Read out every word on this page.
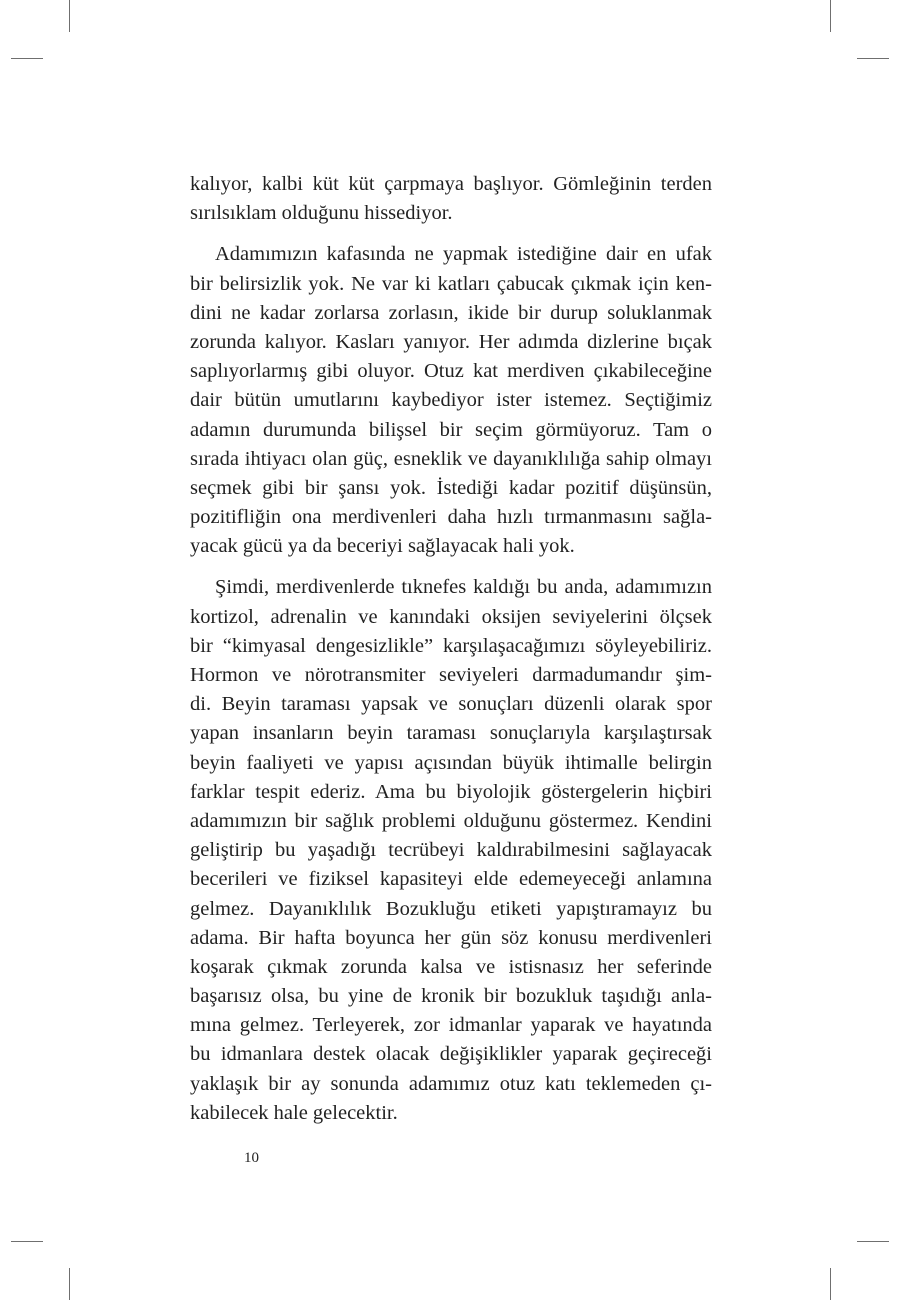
kalıyor, kalbi küt küt çarpmaya başlıyor. Gömleğinin terden
sırılsıklam olduğunu hissediyor.
Adamımızın kafasında ne yapmak istediğine dair en ufak
bir belirsizlik yok. Ne var ki katları çabucak çıkmak için ken-
dini ne kadar zorlarsa zorlasın, ikide bir durup soluklanmak
zorunda kalıyor. Kasları yanıyor. Her adımda dizlerine bıçak
saplıyorlarmış gibi oluyor. Otuz kat merdiven çıkabileceğine
dair bütün umutlarını kaybediyor ister istemez. Seçtiğimiz
adamın durumunda bilişsel bir seçim görmüyoruz. Tam o
sırada ihtiyacı olan güç, esneklik ve dayanıklılığa sahip olmayı
seçmek gibi bir şansı yok. İstediği kadar pozitif düşünsün,
pozitifliğin ona merdivenleri daha hızlı tırmanmasını sağla-
yacak gücü ya da beceriyi sağlayacak hali yok.
Şimdi, merdivenlerde tıknefes kaldığı bu anda, adamımızın
kortizol, adrenalin ve kanındaki oksijen seviyelerini ölçsek
bir “kimyasal dengesizlikle” karşılaşacağımızı söyleyebiliriz.
Hormon ve nörotransmiter seviyeleri darmadumandır şim-
di. Beyin taraması yapsak ve sonuçları düzenli olarak spor
yapan insanların beyin taraması sonuçlarıyla karşılaştırsak
beyin faaliyeti ve yapısı açısından büyük ihtimalle belirgin
farklar tespit ederiz. Ama bu biyolojik göstergelerin hiçbiri
adamımızın bir sağlık problemi olduğunu göstermez. Kendini
geliştirip bu yaşadığı tecrübeyi kaldırabilmesini sağlayacak
becerileri ve fiziksel kapasiteyi elde edemeyeceği anlamına
gelmez. Dayanıklılık Bozukluğu etiketi yapıştıramayız bu
adama. Bir hafta boyunca her gün söz konusu merdivenleri
koşarak çıkmak zorunda kalsa ve istisnasız her seferinde
başarısız olsa, bu yine de kronik bir bozukluk taşıdığı anla-
mına gelmez. Terleyerek, zor idmanlar yaparak ve hayatında
bu idmanlara destek olacak değişiklikler yaparak geçireceği
yaklaşık bir ay sonunda adamımız otuz katı teklemeden çı-
kabilecek hale gelecektir.
10
